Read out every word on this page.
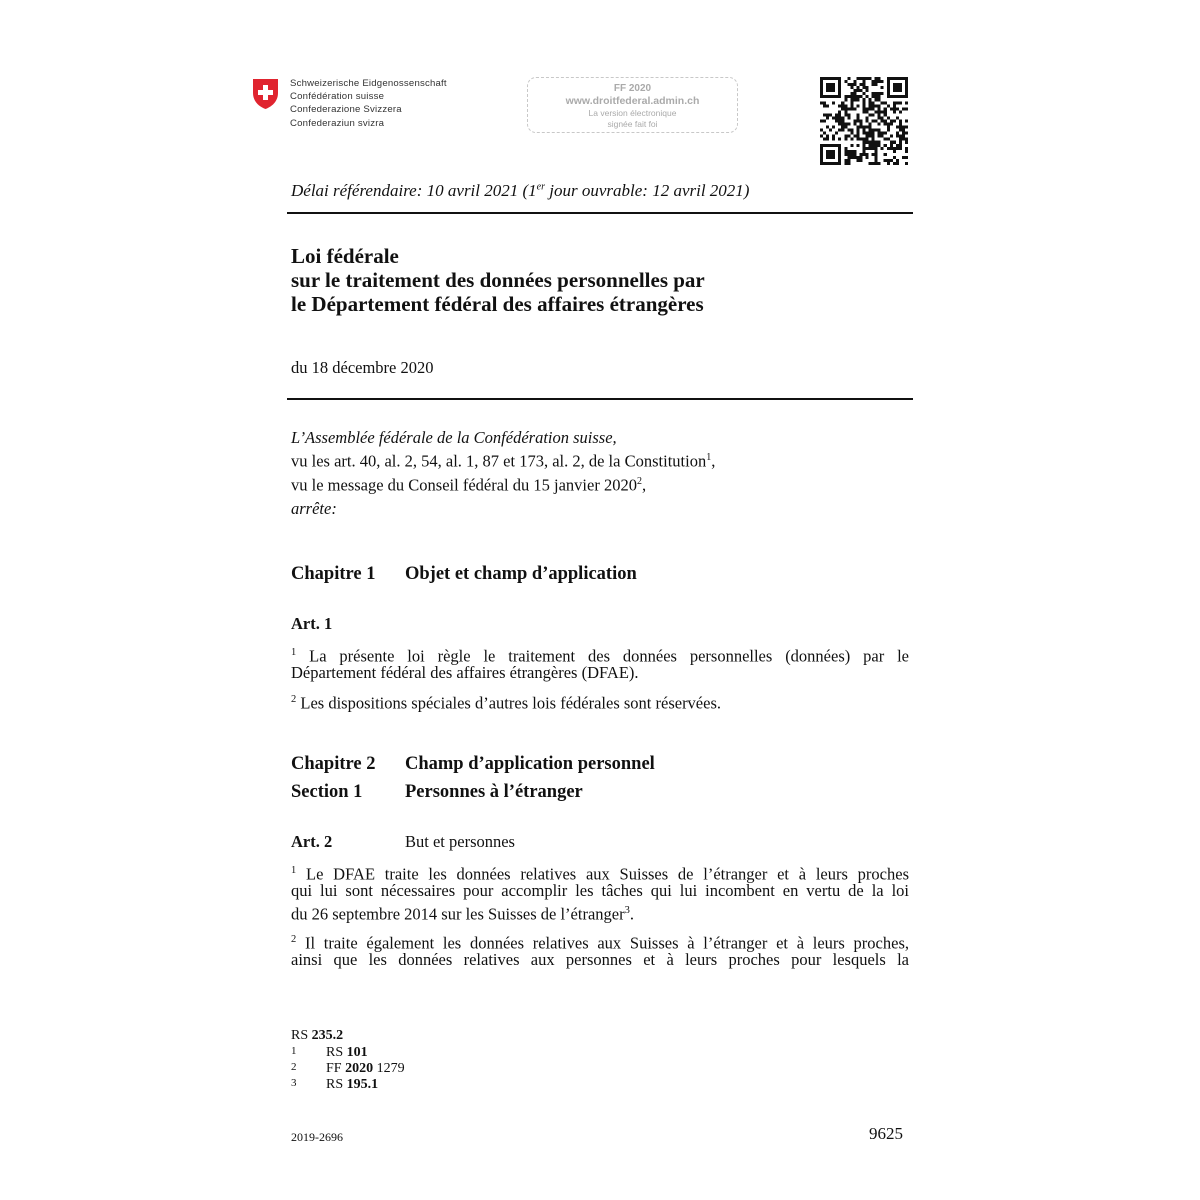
Schweizerische Eidgenossenschaft
Confédération suisse
Confederazione Svizzera
Confederaziun svizra
FF 2020
www.droitfederal.admin.ch
La version électronique
signée fait foi
Délai référendaire: 10 avril 2021 (1er jour ouvrable: 12 avril 2021)
Loi fédérale
sur le traitement des données personnelles par
le Département fédéral des affaires étrangères
du 18 décembre 2020
L’Assemblée fédérale de la Confédération suisse,
vu les art. 40, al. 2, 54, al. 1, 87 et 173, al. 2, de la Constitution$^1$,
vu le message du Conseil fédéral du 15 janvier 2020$^2$,
arrête:
Chapitre 1 Objet et champ d’application
Art. 1
$^1$ La présente loi règle le traitement des données personnelles (données) par le
Département fédéral des affaires étrangères (DFAE).
$^2$ Les dispositions spéciales d’autres lois fédérales sont réservées.
Chapitre 2 Champ d’application personnel
Section 1 Personnes à l’étranger
Art. 2	But et personnes
$^1$ Le DFAE traite les données relatives aux Suisses de l’étranger et à leurs proches
qui lui sont nécessaires pour accomplir les tâches qui lui incombent en vertu de la loi
du 26 septembre 2014 sur les Suisses de l’étranger$^3$.
$^2$ Il traite également les données relatives aux Suisses à l’étranger et à leurs proches,
ainsi que les données relatives aux personnes et à leurs proches pour lesquels la
RS 235.2
1	RS 101
2	FF 2020 1279
3	RS 195.1
2019-2696	9625
